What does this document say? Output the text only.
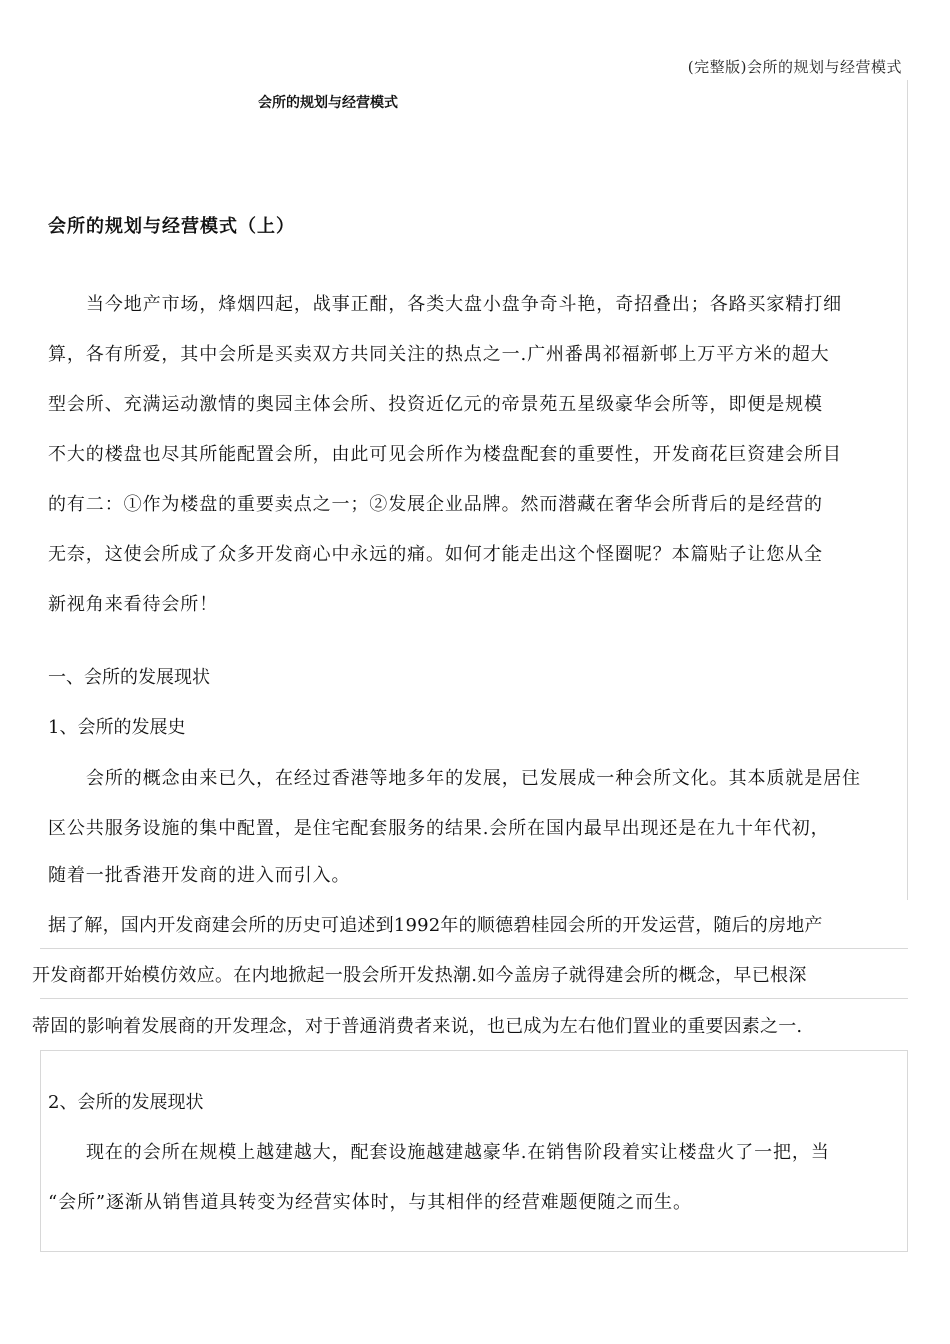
(完整版)会所的规划与经营模式
会所的规划与经营模式
会所的规划与经营模式（上）
当今地产市场，烽烟四起，战事正酣，各类大盘小盘争奇斗艳，奇招叠出；各路买家精打细
算，各有所爱，其中会所是买卖双方共同关注的热点之一.广州番禺祁福新邨上万平方米的超大
型会所、充满运动激情的奥园主体会所、投资近亿元的帝景苑五星级豪华会所等，即便是规模
不大的楼盘也尽其所能配置会所，由此可见会所作为楼盘配套的重要性，开发商花巨资建会所目
的有二：①作为楼盘的重要卖点之一；②发展企业品牌。然而潜藏在奢华会所背后的是经营的
无奈，这使会所成了众多开发商心中永远的痛。如何才能走出这个怪圈呢？本篇贴子让您从全
新视角来看待会所！
一、会所的发展现状
1、会所的发展史
会所的概念由来已久，在经过香港等地多年的发展，已发展成一种会所文化。其本质就是居住
区公共服务设施的集中配置，是住宅配套服务的结果.会所在国内最早出现还是在九十年代初，
随着一批香港开发商的进入而引入。
据了解，国内开发商建会所的历史可追述到1992年的顺德碧桂园会所的开发运营，随后的房地产
开发商都开始模仿效应。在内地掀起一股会所开发热潮.如今盖房子就得建会所的概念，早已根深
蒂固的影响着发展商的开发理念，对于普通消费者来说，也已成为左右他们置业的重要因素之一.
2、会所的发展现状
现在的会所在规模上越建越大，配套设施越建越豪华.在销售阶段着实让楼盘火了一把，当
“会所”逐渐从销售道具转变为经营实体时，与其相伴的经营难题便随之而生。
